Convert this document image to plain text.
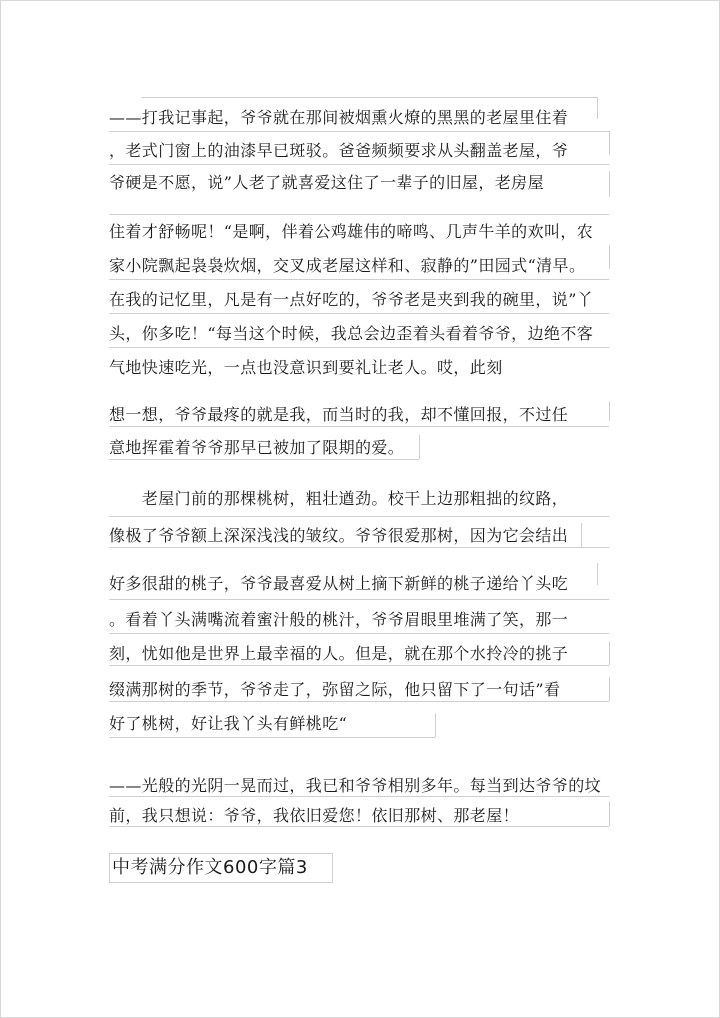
——打我记事起，爷爷就在那间被烟熏火燎的黑黑的老屋里住着
，老式门窗上的油漆早已斑驳。爸爸频频要求从头翻盖老屋，爷
爷硬是不愿，说”人老了就喜爱这住了一辈子的旧屋，老房屋
住着才舒畅呢！“是啊，伴着公鸡雄伟的啼鸣、几声牛羊的欢叫，农
家小院飘起袅袅炊烟，交叉成老屋这样和、寂静的”田园式“清早。
在我的记忆里，凡是有一点好吃的，爷爷老是夹到我的碗里，说”丫
头，你多吃！“每当这个时候，我总会边歪着头看着爷爷，边绝不客
气地快速吃光，一点也没意识到要礼让老人。哎，此刻
想一想，爷爷最疼的就是我，而当时的我，却不懂回报，不过任
意地挥霍着爷爷那早已被加了限期的爱。
　　老屋门前的那棵桃树，粗壮遒劲。校干上边那粗拙的纹路，
像极了爷爷额上深深浅浅的皱纹。爷爷很爱那树，因为它会结出
好多很甜的桃子，爷爷最喜爱从树上摘下新鲜的桃子递给丫头吃
。看着丫头满嘴流着蜜汁般的桃汁，爷爷眉眼里堆满了笑，那一
刻，忧如他是世界上最幸福的人。但是，就在那个水拎冷的挑子
缀满那树的季节，爷爷走了，弥留之际，他只留下了一句话”看
好了桃树，好让我丫头有鲜桃吃“
——光般的光阴一晃而过，我已和爷爷相别多年。每当到达爷爷的坟
前，我只想说：爷爷，我依旧爱您！依旧那树、那老屋！
中考满分作文600字篇3
